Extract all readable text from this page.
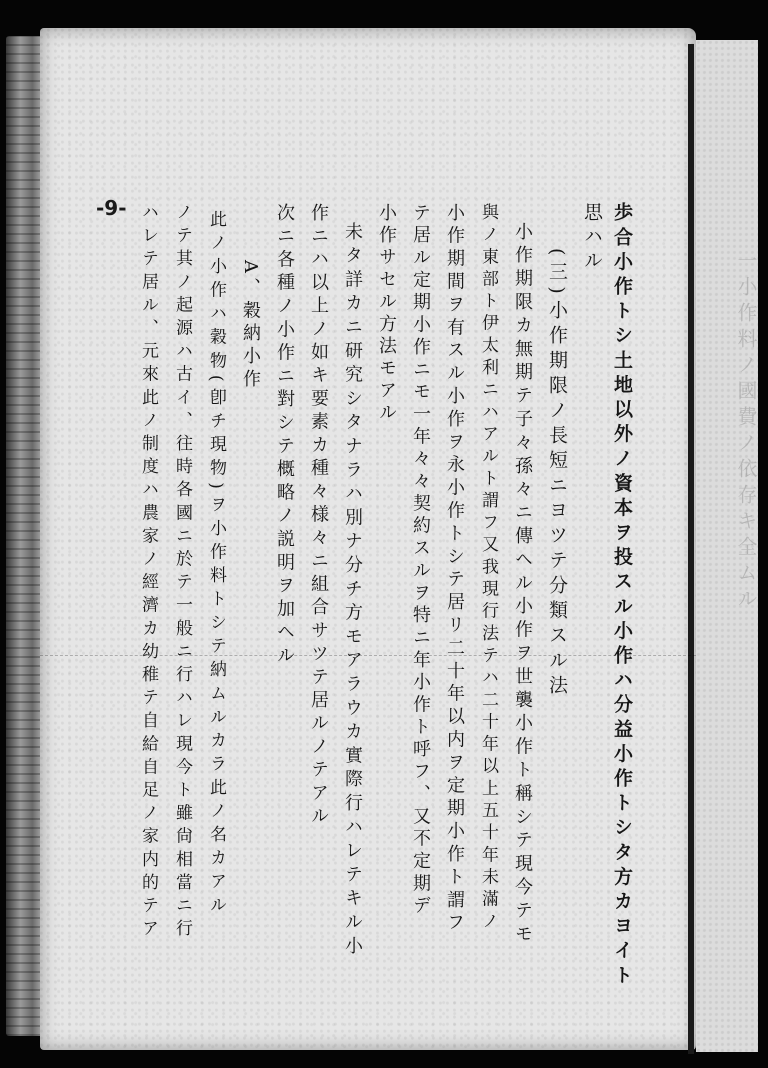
一小作料ノ國費ノ依存キ全ムル
-9-	歩合小作トシ土地以外ノ資本ヲ投スル小作ハ分益小作トシタ方カヨイト

思ハル

(三)小作期限ノ長短ニヨツテ分類スル法

小作期限カ無期テ子々孫々ニ傳ヘル小作ヲ世襲小作ト稱シテ現今テモ

與ノ東部ト伊太利ニハアルト謂フ又我現行法テハ二十年以上五十年未滿ノ

小作期間ヲ有スル小作ヲ永小作トシテ居リ二十年以内ヲ定期小作ト謂フ

テ居ル定期小作ニモ一年々々契約スルヲ特ニ年小作ト呼フ、又不定期デ

小作サセル方法モアル

未タ詳カニ研究シタナラハ別ナ分チ方モアラウカ實際行ハレテキル小

作ニハ以上ノ如キ要素カ種々様々ニ組合サツテ居ルノテアル

次ニ各種ノ小作ニ對シテ概略ノ説明ヲ加ヘル

A、穀納小作

此ノ小作ハ穀物(卽チ現物)ヲ小作料トシテ納ムルカラ此ノ名カアル

ノテ其ノ起源ハ古イ、往時各國ニ於テ一般ニ行ハレ現今ト雖尙相當ニ行

ハレテ居ル、元來此ノ制度ハ農家ノ經濟カ幼稚テ自給自足ノ家内的テア
